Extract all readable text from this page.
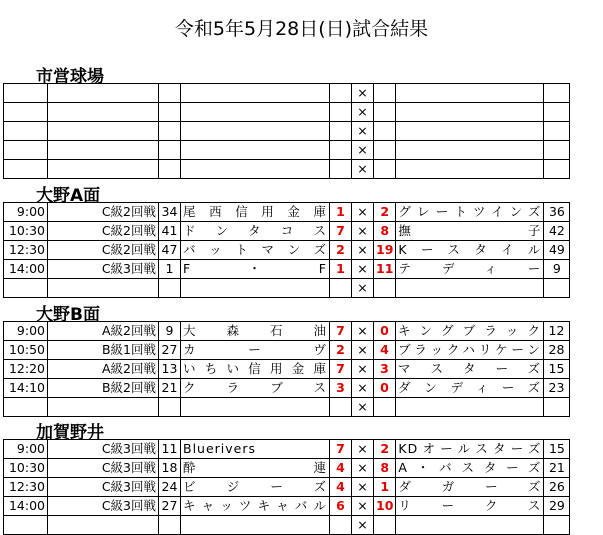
令和5年5月28日(日)試合結果
市営球場
					×			
					×			
					×			
					×			
					×			
大野A面
9:00	C級2回戦	34	尾西信用金庫	1	×	2	グレートツインズ	36
10:30	C級2回戦	41	ドンタコス	7	×	8	撫子	42
12:30	C級2回戦	47	バットマンズ	2	×	19	Kースタイル	49
14:00	C級3回戦	1	F・F	1	×	11	テディー	9
					×			
大野B面
9:00	A級2回戦	9	大森石油	7	×	0	キングブラック	12
10:50	B級1回戦	27	カーヴ	2	×	4	ブラックハリケーン	28
12:20	A級2回戦	13	いちい信用金庫	7	×	3	マスターズ	15
14:10	B級2回戦	21	クラブス	3	×	0	ダンディーズ	23
					×			
加賀野井
9:00	C級3回戦	11	Bluerivers	7	×	2	KDオールスターズ	15
10:30	C級3回戦	18	酔連	4	×	8	A・バスターズ	21
12:30	C級3回戦	24	ビジーズ	4	×	1	ダガーズ	26
14:00	C級3回戦	27	キャッツキャバル	6	×	10	リークス	29
					×			
